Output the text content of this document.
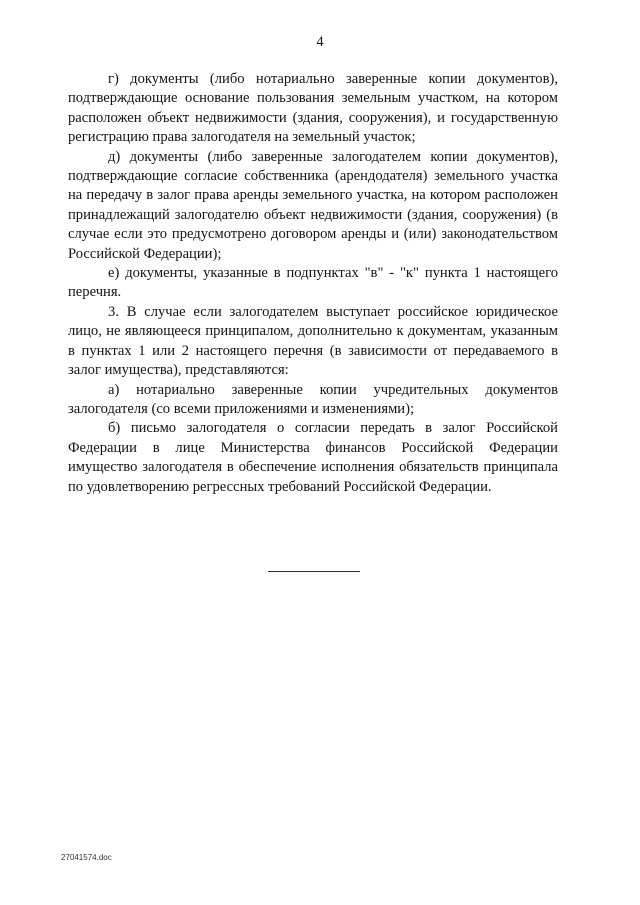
4

г) документы (либо нотариально заверенные копии документов), подтверждающие основание пользования земельным участком, на котором расположен объект недвижимости (здания, сооружения), и государственную регистрацию права залогодателя на земельный участок;

д) документы (либо заверенные залогодателем копии документов), подтверждающие согласие собственника (арендодателя) земельного участка на передачу в залог права аренды земельного участка, на котором расположен принадлежащий залогодателю объект недвижимости (здания, сооружения) (в случае если это предусмотрено договором аренды и (или) законодательством Российской Федерации);

е) документы, указанные в подпунктах "в" - "к" пункта 1 настоящего перечня.

3. В случае если залогодателем выступает российское юридическое лицо, не являющееся принципалом, дополнительно к документам, указанным в пунктах 1 или 2 настоящего перечня (в зависимости от передаваемого в залог имущества), представляются:

а) нотариально заверенные копии учредительных документов залогодателя (со всеми приложениями и изменениями);

б) письмо залогодателя о согласии передать в залог Российской Федерации в лице Министерства финансов Российской Федерации имущество залогодателя в обеспечение исполнения обязательств принципала по удовлетворению регрессных требований Российской Федерации.

27041574.doc
